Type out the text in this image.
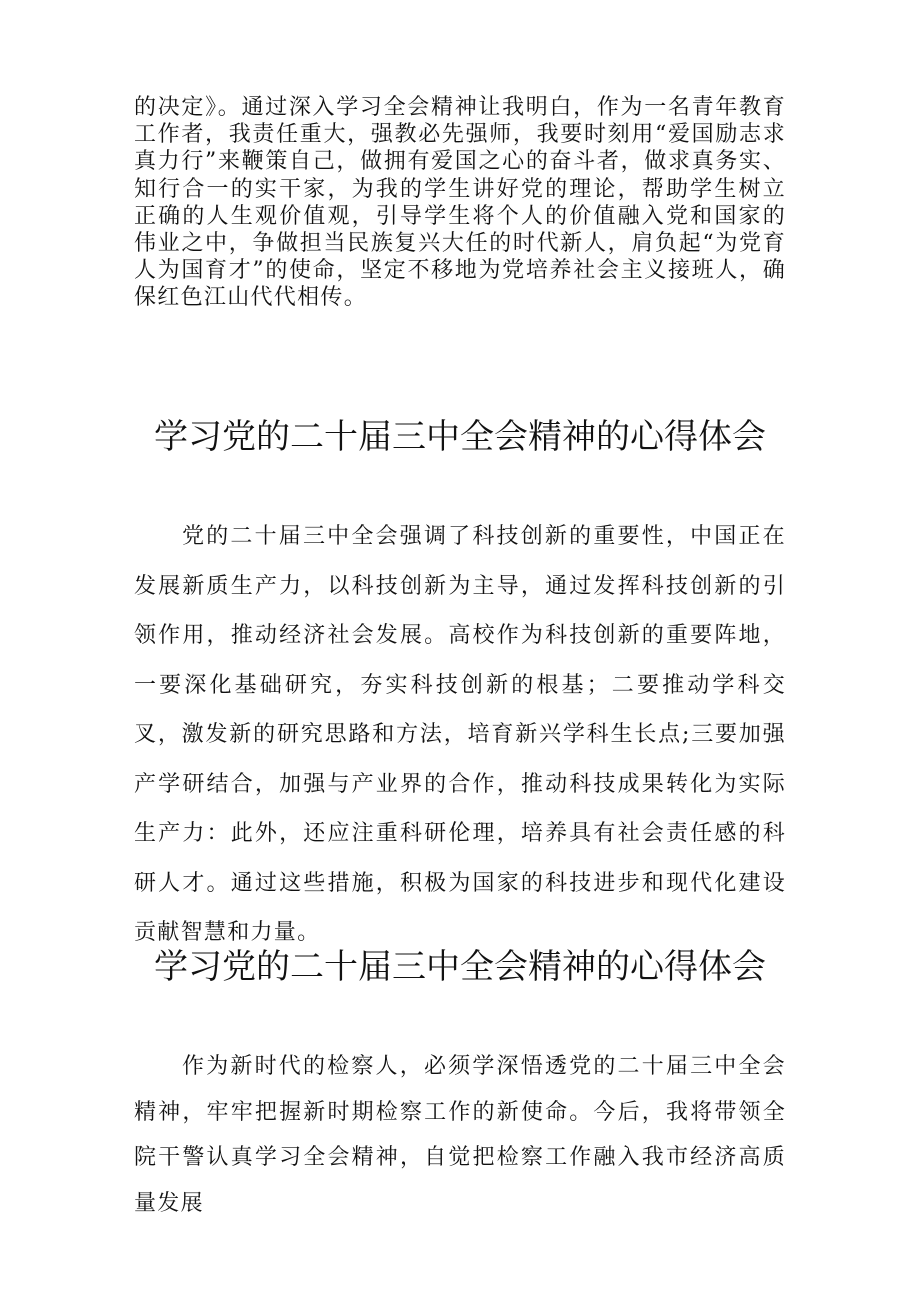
的决定》。通过深入学习全会精神让我明白，作为一名青年教育工作者，我责任重大，强教必先强师，我要时刻用“爱国励志求真力行”来鞭策自己，做拥有爱国之心的奋斗者，做求真务实、知行合一的实干家，为我的学生讲好党的理论，帮助学生树立正确的人生观价值观，引导学生将个人的价值融入党和国家的伟业之中，争做担当民族复兴大任的时代新人，肩负起“为党育人为国育才”的使命，坚定不移地为党培养社会主义接班人，确保红色江山代代相传。

学习党的二十届三中全会精神的心得体会

党的二十届三中全会强调了科技创新的重要性，中国正在发展新质生产力，以科技创新为主导，通过发挥科技创新的引领作用，推动经济社会发展。高校作为科技创新的重要阵地，一要深化基础研究，夯实科技创新的根基；二要推动学科交叉，激发新的研究思路和方法，培育新兴学科生长点;三要加强产学研结合，加强与产业界的合作，推动科技成果转化为实际生产力：此外，还应注重科研伦理，培养具有社会责任感的科研人才。通过这些措施，积极为国家的科技进步和现代化建设贡献智慧和力量。

学习党的二十届三中全会精神的心得体会

作为新时代的检察人，必须学深悟透党的二十届三中全会精神，牢牢把握新时期检察工作的新使命。今后，我将带领全院干警认真学习全会精神，自觉把检察工作融入我市经济高质量发展
